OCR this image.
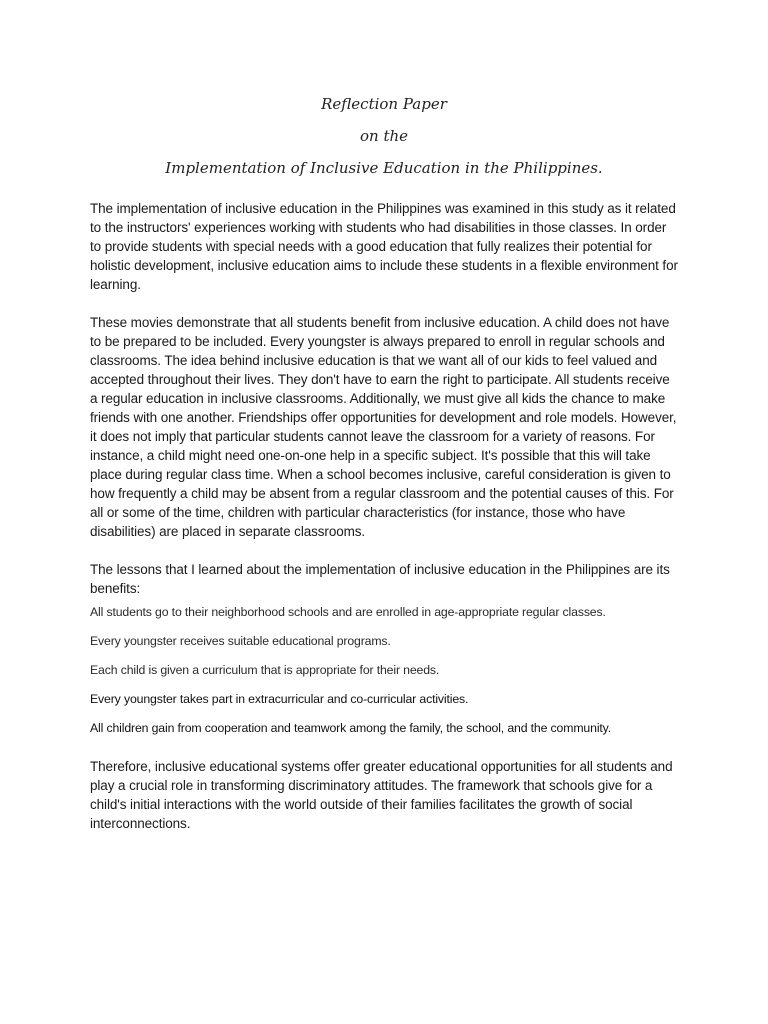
Reflection Paper
on the
Implementation of Inclusive Education in the Philippines.

The implementation of inclusive education in the Philippines was examined in this study as it related to the instructors' experiences working with students who had disabilities in those classes. In order to provide students with special needs with a good education that fully realizes their potential for holistic development, inclusive education aims to include these students in a flexible environment for learning.

These movies demonstrate that all students benefit from inclusive education. A child does not have to be prepared to be included. Every youngster is always prepared to enroll in regular schools and classrooms. The idea behind inclusive education is that we want all of our kids to feel valued and accepted throughout their lives. They don't have to earn the right to participate. All students receive a regular education in inclusive classrooms. Additionally, we must give all kids the chance to make friends with one another. Friendships offer opportunities for development and role models. However, it does not imply that particular students cannot leave the classroom for a variety of reasons. For instance, a child might need one-on-one help in a specific subject. It's possible that this will take place during regular class time. When a school becomes inclusive, careful consideration is given to how frequently a child may be absent from a regular classroom and the potential causes of this. For all or some of the time, children with particular characteristics (for instance, those who have disabilities) are placed in separate classrooms.

The lessons that I learned about the implementation of inclusive education in the Philippines are its benefits:

All students go to their neighborhood schools and are enrolled in age-appropriate regular classes.
Every youngster receives suitable educational programs.
Each child is given a curriculum that is appropriate for their needs.
Every youngster takes part in extracurricular and co-curricular activities.
All children gain from cooperation and teamwork among the family, the school, and the community.

Therefore, inclusive educational systems offer greater educational opportunities for all students and play a crucial role in transforming discriminatory attitudes. The framework that schools give for a child's initial interactions with the world outside of their families facilitates the growth of social interconnections.
